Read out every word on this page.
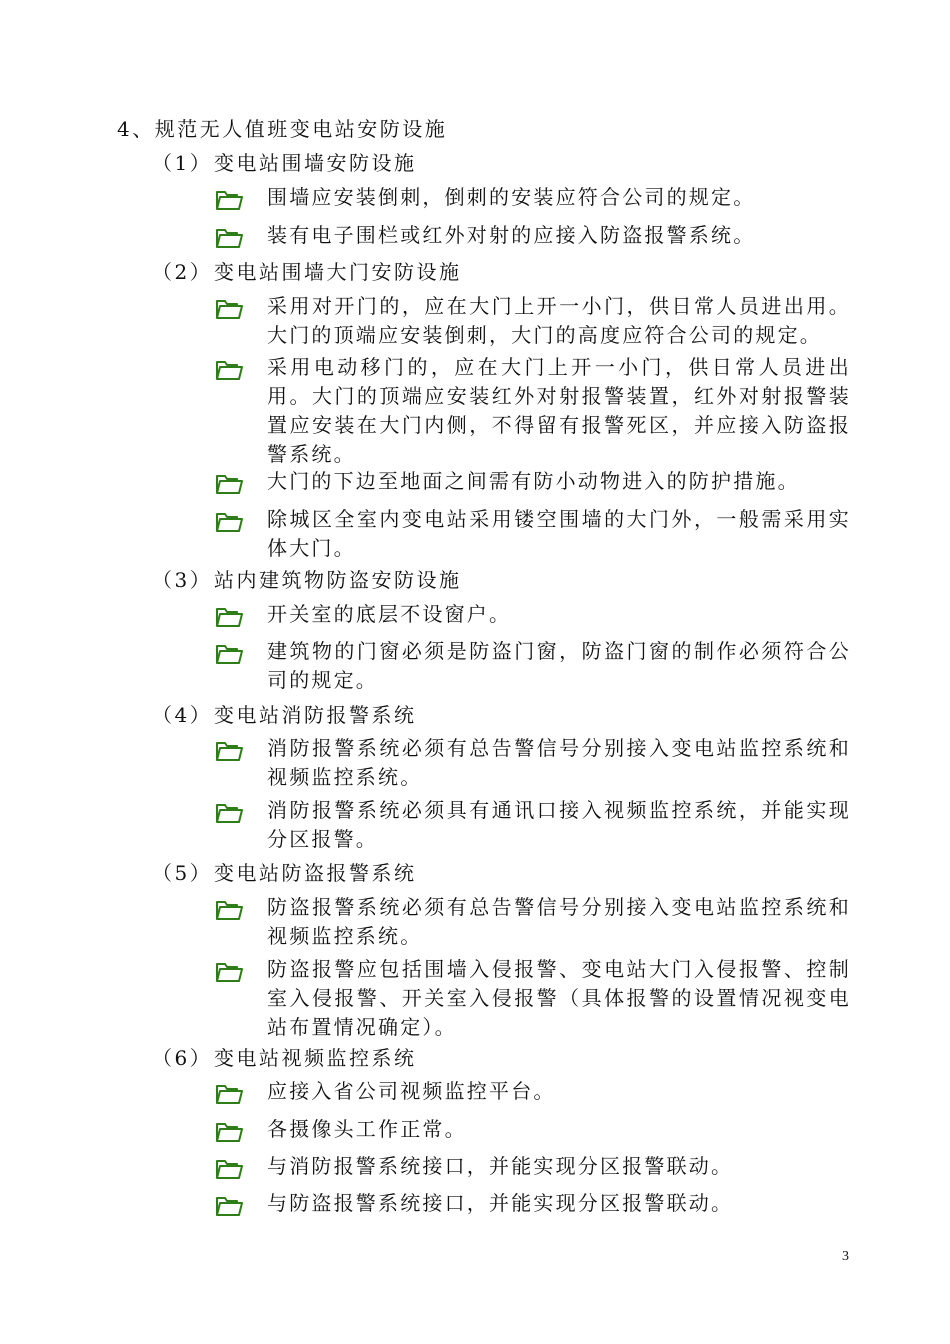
4、规范无人值班变电站安防设施
（1）变电站围墙安防设施
围墙应安装倒刺，倒刺的安装应符合公司的规定。
装有电子围栏或红外对射的应接入防盗报警系统。
（2）变电站围墙大门安防设施
采用对开门的，应在大门上开一小门，供日常人员进出用。大门的顶端应安装倒刺，大门的高度应符合公司的规定。
采用电动移门的，应在大门上开一小门，供日常人员进出用。大门的顶端应安装红外对射报警装置，红外对射报警装置应安装在大门内侧，不得留有报警死区，并应接入防盗报警系统。
大门的下边至地面之间需有防小动物进入的防护措施。
除城区全室内变电站采用镂空围墙的大门外，一般需采用实体大门。
（3）站内建筑物防盗安防设施
开关室的底层不设窗户。
建筑物的门窗必须是防盗门窗，防盗门窗的制作必须符合公司的规定。
（4）变电站消防报警系统
消防报警系统必须有总告警信号分别接入变电站监控系统和视频监控系统。
消防报警系统必须具有通讯口接入视频监控系统，并能实现分区报警。
（5）变电站防盗报警系统
防盗报警系统必须有总告警信号分别接入变电站监控系统和视频监控系统。
防盗报警应包括围墙入侵报警、变电站大门入侵报警、控制室入侵报警、开关室入侵报警（具体报警的设置情况视变电站布置情况确定）。
（6）变电站视频监控系统
应接入省公司视频监控平台。
各摄像头工作正常。
与消防报警系统接口，并能实现分区报警联动。
与防盗报警系统接口，并能实现分区报警联动。
3
